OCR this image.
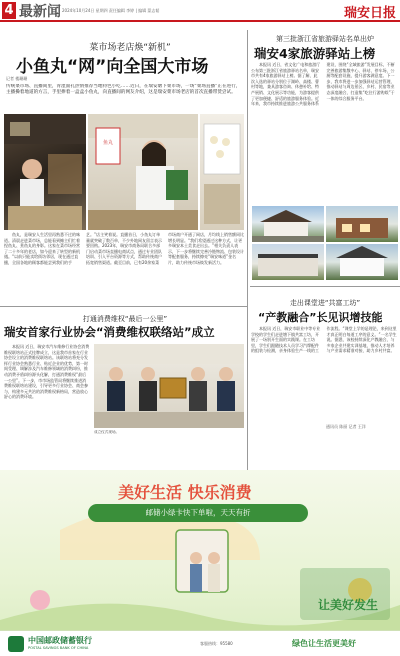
4 最新闻 2024年10月24日 星期四 责任编辑 李婷 | 编辑 蒙志韬	瑞安日报
菜市场老店焕“新机”
小鱼丸“网”向全国大市场
记者 楼珊珊
传统菜市场、直播间里，青涩面孔热情推荐当地特色小吃……近日，在瑞安塘下菜市场，一场“菜场直播”正在进行，主播操着地道的方言，手里捧着一盒盒小鱼丸，向直播间的网友介绍，这是瑞安菜市场老店的首次直播带货尝试。
鱼丸

鱼丸，是瑞安人生活里再熟悉不过的味道。清晨走进菜市场，总能看到摊主们忙着捏鱼丸、煮鱼丸的身影。这家在菜市场经营了二十多年的老店，如今迎来了转型的新机遇。“以前只能卖给街坊邻居，现在通过直播，全国各地的顾客都能尝到我们的手艺。”店主笑着说。直播首日，小鱼丸订单量就突破了数百单，不少外地网友留言表示要回购。2023年，瑞安市商务局联合多部门启动菜市场直播电商试点，通过专业团队培训、引入平台资源等方式，帮助传统商户拓宽销售渠道。截至目前，已有20余家菜市场商户开通了网店，月均线上销售额同比增长明显。“我们希望通过这种方式，让更多瑞安本土美食走出去。”相关负责人表示，下一步将继续完善冷链物流、包装设计等配套服务，持续擦亮“瑞安味道”金名片，助力传统市场焕发新活力。

第三批浙江省旅游驿站名单出炉
瑞安4家旅游驿站上榜

本报讯 近日，省文化广电和旅游厅公布第三批浙江省旅游驿站名单，瑞安市共有4家旅游驿站上榜。据了解，此次入选的驿站分别位于湖岭、高楼、曹村等地，兼具游客咨询、休憩补给、特产展销、文化展示等功能，为游客提供了更加便捷、舒适的旅游服务体验。近年来，我市持续推进旅游公共服务体系建设，围绕“全域旅游”发展目标，不断完善旅游集散中心、驿站、停车场、公厕等配套设施，提升游客满意度。下一步，我市将进一步加强驿站运营管理，推动驿站与周边景区、乡村、民宿等业态深度融合，打造集“吃住行游购娱”于一体的综合服务平台。

走出课堂进“共富工坊”
“产教融合”长见识增技能

本报讯 近日，瑞安市职业中等专业学校的学生们走进塘下镇共富工坊，开展了一场别开生面的实践课。在工坊里，学生们跟随技术人员学习汽摩配件的组装与检测，亲身体验生产一线的工作流程。“课堂上学的是理论，来到这里才真正明白每道工序的意义。”一名学生说。据悉，该校持续深化产教融合，与多家企业共建实训基地，推动人才培养与产业需求精准对接，助力乡村共富。

通讯员 陈丽 记者 王洋
打通消费维权“最后一公里”
瑞安首家行业协会“消费维权联络站”成立

本报讯 近日，瑞安市汽车维修行业协会消费维权联络站正式挂牌成立，这是我市首家在行业协会设立的消费维权联络站。该联络站将充分发挥行业协会熟悉行业、贴近企业的优势，第一时间受理、调解涉及汽车维修领域的消费纠纷，推动消费矛盾纠纷源头化解，打通消费维权“最后一公里”。下一步，市市场监管局将继续推进消费维权联络站建设，引导更多行业协会、商会参与，构建多元共治的消费维权新格局，营造放心舒心的消费环境。

成立仪式现场。
美好生活 快乐消费
邮储小绿卡快下单啦，天天有折
让美好发生
中国邮政储蓄银行
POSTAL SAVINGS BANK OF CHINA	绿色让生活更美好
客服热线：95580
